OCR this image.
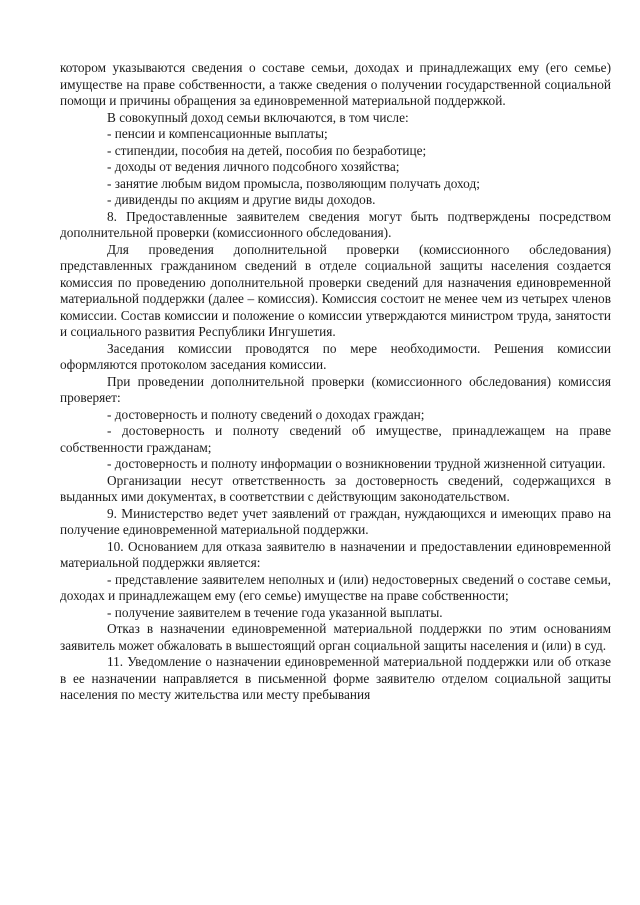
котором указываются сведения о составе семьи, доходах и принадлежащих ему (его семье) имуществе на праве собственности, а также сведения о получении государственной социальной помощи и причины обращения за единовременной материальной поддержкой.

В совокупный доход семьи включаются, в том числе:

- пенсии и компенсационные выплаты;

- стипендии, пособия на детей, пособия по безработице;

- доходы от ведения личного подсобного хозяйства;

- занятие любым видом промысла, позволяющим получать доход;

- дивиденды по акциям и другие виды доходов.

8. Предоставленные заявителем сведения могут быть подтверждены посредством дополнительной проверки (комиссионного обследования).

Для проведения дополнительной проверки (комиссионного обследования) представленных гражданином сведений в отделе социальной защиты населения создается комиссия по проведению дополнительной проверки сведений для назначения единовременной материальной поддержки (далее – комиссия). Комиссия состоит не менее чем из четырех членов комиссии. Состав комиссии и положение о комиссии утверждаются министром труда, занятости и социального развития Республики Ингушетия.

Заседания комиссии проводятся по мере необходимости. Решения комиссии оформляются протоколом заседания комиссии.

При проведении дополнительной проверки (комиссионного обследования) комиссия проверяет:

- достоверность и полноту сведений о доходах граждан;

- достоверность и полноту сведений об имуществе, принадлежащем на праве собственности гражданам;

- достоверность и полноту информации о возникновении трудной жизненной ситуации.

Организации несут ответственность за достоверность сведений, содержащихся в выданных ими документах, в соответствии с действующим законодательством.

9. Министерство ведет учет заявлений от граждан, нуждающихся и имеющих право на получение единовременной материальной поддержки.

10. Основанием для отказа заявителю в назначении и предоставлении единовременной материальной поддержки является:

- представление заявителем неполных и (или) недостоверных сведений о составе семьи, доходах и принадлежащем ему (его семье) имуществе на праве собственности;

- получение заявителем в течение года указанной выплаты.

Отказ в назначении единовременной материальной поддержки по этим основаниям заявитель может обжаловать в вышестоящий орган социальной защиты населения и (или) в суд.

11. Уведомление о назначении единовременной материальной поддержки или об отказе в ее назначении направляется в письменной форме заявителю отделом социальной защиты населения по месту жительства или месту пребывания
